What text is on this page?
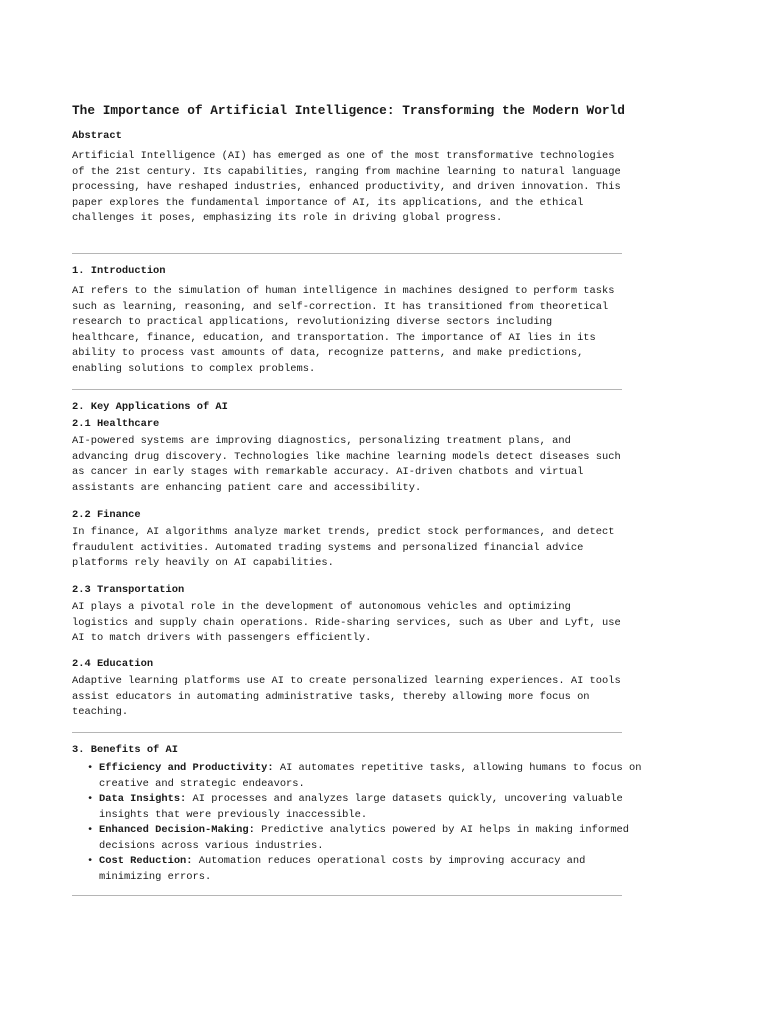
The Importance of Artificial Intelligence: Transforming the Modern World
Abstract

Artificial Intelligence (AI) has emerged as one of the most transformative technologies of the 21st century. Its capabilities, ranging from machine learning to natural language processing, have reshaped industries, enhanced productivity, and driven innovation. This paper explores the fundamental importance of AI, its applications, and the ethical challenges it poses, emphasizing its role in driving global progress.

1. Introduction

AI refers to the simulation of human intelligence in machines designed to perform tasks such as learning, reasoning, and self-correction. It has transitioned from theoretical research to practical applications, revolutionizing diverse sectors including healthcare, finance, education, and transportation. The importance of AI lies in its ability to process vast amounts of data, recognize patterns, and make predictions, enabling solutions to complex problems.

2. Key Applications of AI
2.1 Healthcare

AI-powered systems are improving diagnostics, personalizing treatment plans, and advancing drug discovery. Technologies like machine learning models detect diseases such as cancer in early stages with remarkable accuracy. AI-driven chatbots and virtual assistants are enhancing patient care and accessibility.

2.2 Finance

In finance, AI algorithms analyze market trends, predict stock performances, and detect fraudulent activities. Automated trading systems and personalized financial advice platforms rely heavily on AI capabilities.

2.3 Transportation

AI plays a pivotal role in the development of autonomous vehicles and optimizing logistics and supply chain operations. Ride-sharing services, such as Uber and Lyft, use AI to match drivers with passengers efficiently.

2.4 Education

Adaptive learning platforms use AI to create personalized learning experiences. AI tools assist educators in automating administrative tasks, thereby allowing more focus on teaching.

3. Benefits of AI
• Efficiency and Productivity: AI automates repetitive tasks, allowing humans to focus on creative and strategic endeavors.
• Data Insights: AI processes and analyzes large datasets quickly, uncovering valuable insights that were previously inaccessible.
• Enhanced Decision-Making: Predictive analytics powered by AI helps in making informed decisions across various industries.
• Cost Reduction: Automation reduces operational costs by improving accuracy and minimizing errors.
